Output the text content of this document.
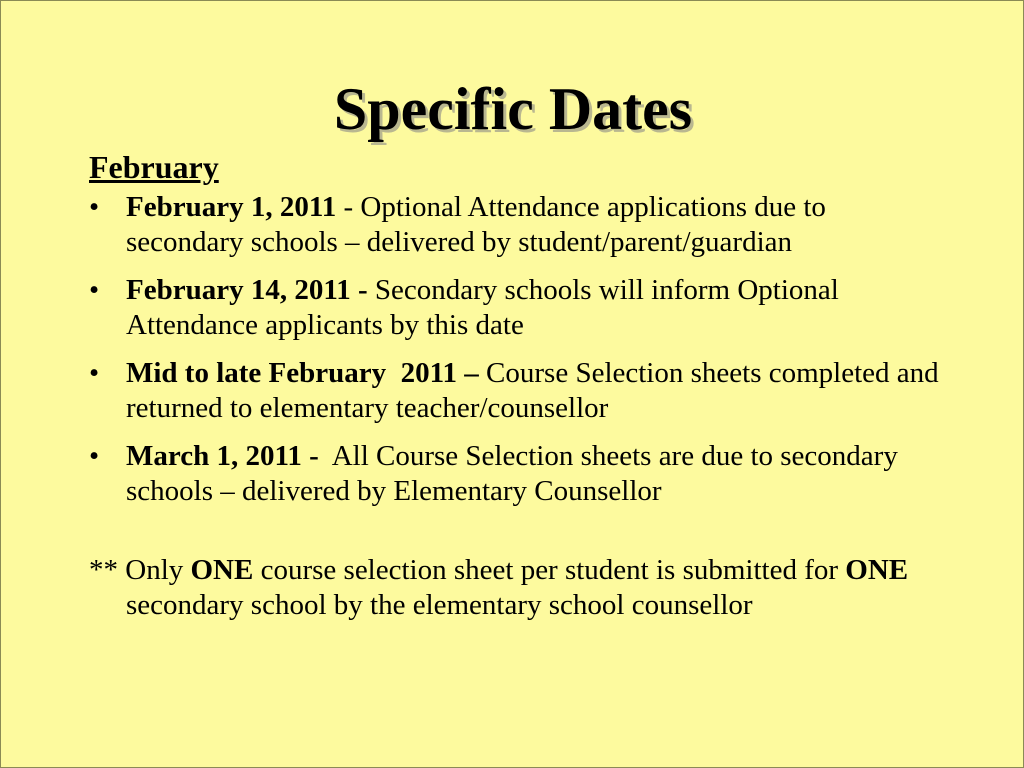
Specific Dates
February
• February 1, 2011 - Optional Attendance applications due to secondary schools – delivered by student/parent/guardian
• February 14, 2011 - Secondary schools will inform Optional Attendance applicants by this date
• Mid to late February  2011 – Course Selection sheets completed and returned to elementary teacher/counsellor
• March 1, 2011 - All Course Selection sheets are due to secondary schools – delivered by Elementary Counsellor
** Only ONE course selection sheet per student is submitted for ONE secondary school by the elementary school counsellor
